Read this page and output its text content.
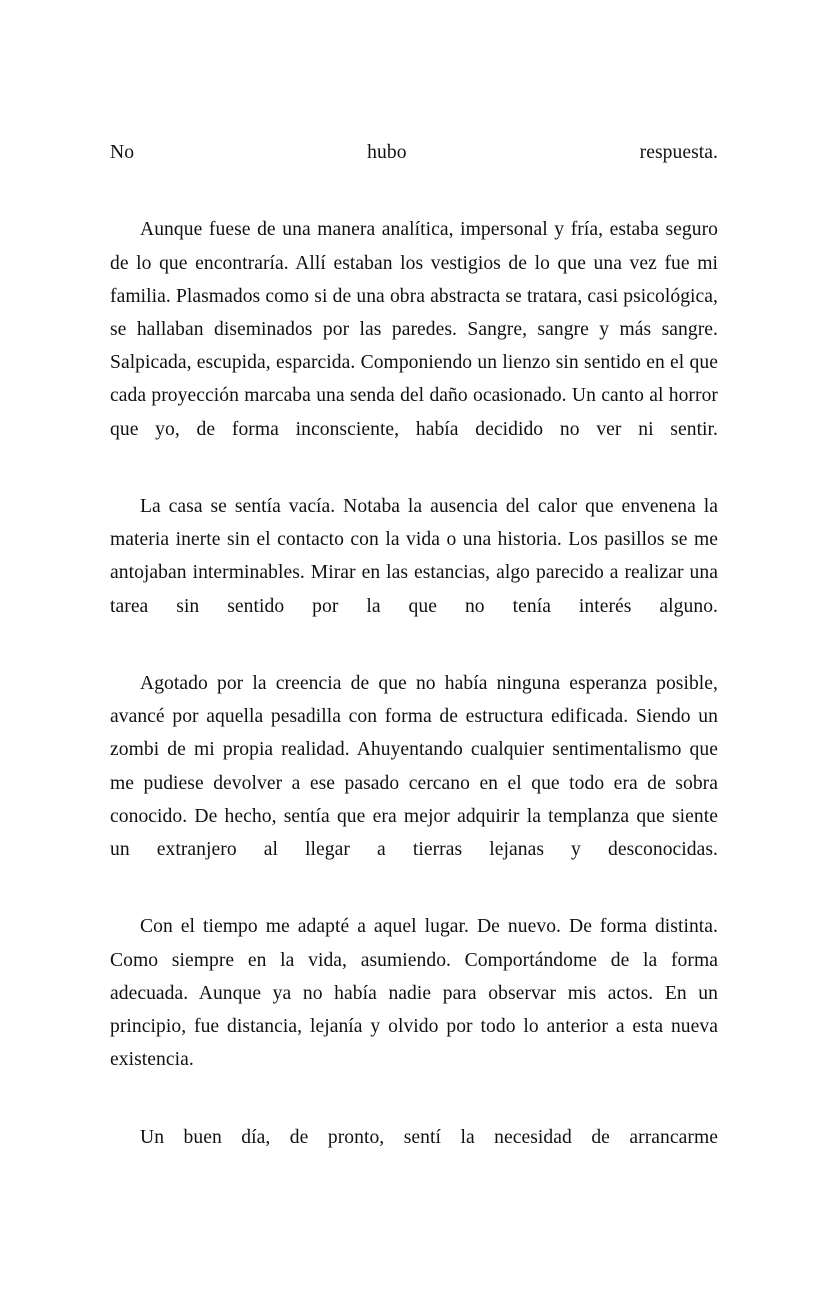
No hubo respuesta.

Aunque fuese de una manera analítica, impersonal y fría, estaba seguro de lo que encontraría. Allí estaban los vestigios de lo que una vez fue mi familia. Plasmados como si de una obra abstracta se tratara, casi psicológica, se hallaban diseminados por las paredes. Sangre, sangre y más sangre. Salpicada, escupida, esparcida. Componiendo un lienzo sin sentido en el que cada proyección marcaba una senda del daño ocasionado. Un canto al horror que yo, de forma inconsciente, había decidido no ver ni sentir.

La casa se sentía vacía. Notaba la ausencia del calor que envenena la materia inerte sin el contacto con la vida o una historia. Los pasillos se me antojaban interminables. Mirar en las estancias, algo parecido a realizar una tarea sin sentido por la que no tenía interés alguno.

Agotado por la creencia de que no había ninguna esperanza posible, avancé por aquella pesadilla con forma de estructura edificada. Siendo un zombi de mi propia realidad. Ahuyentando cualquier sentimentalismo que me pudiese devolver a ese pasado cercano en el que todo era de sobra conocido. De hecho, sentía que era mejor adquirir la templanza que siente un extranjero al llegar a tierras lejanas y desconocidas.

Con el tiempo me adapté a aquel lugar. De nuevo. De forma distinta. Como siempre en la vida, asumiendo. Comportándome de la forma adecuada. Aunque ya no había nadie para observar mis actos. En un principio, fue distancia, lejanía y olvido por todo lo anterior a esta nueva existencia.

Un buen día, de pronto, sentí la necesidad de arrancarme
